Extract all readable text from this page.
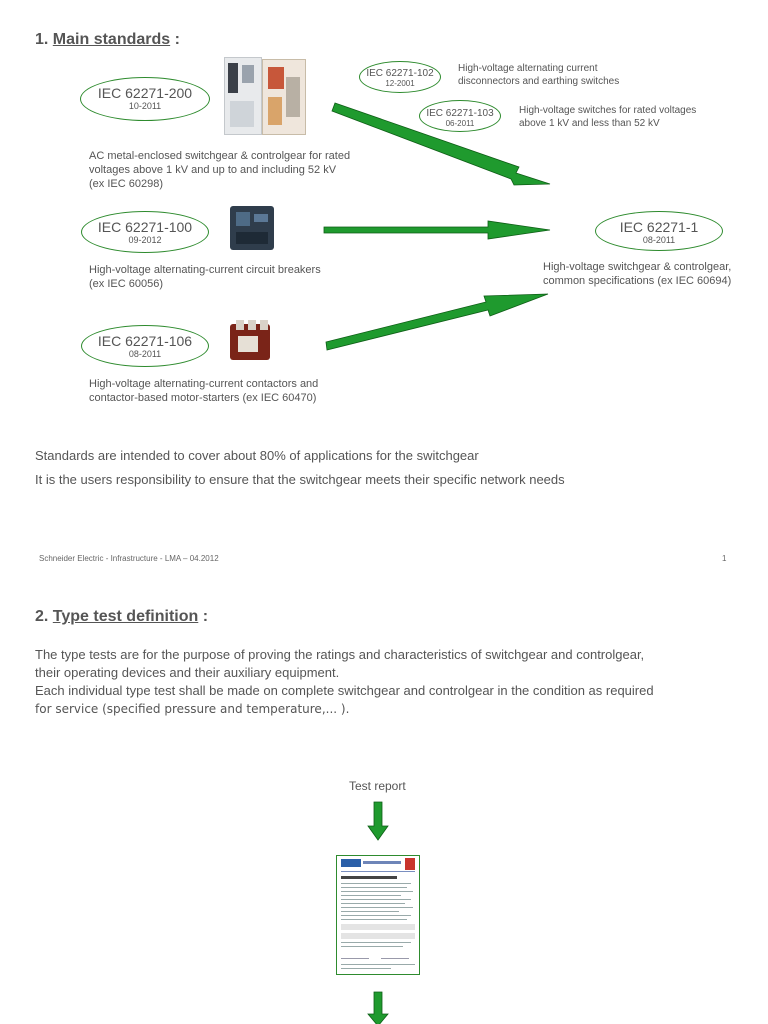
1. Main standards :
IEC 62271-200
10-2011
AC metal-enclosed switchgear & controlgear for rated
voltages above 1 kV and up to and including 52 kV
(ex IEC 60298)
IEC 62271-102
12-2001
High-voltage alternating current
disconnectors and earthing switches
IEC 62271-103
06-2011
High-voltage switches for rated voltages
above 1 kV and less than 52 kV
IEC 62271-100
09-2012
High-voltage alternating-current circuit breakers
(ex IEC 60056)
IEC 62271-1
08-2011
High-voltage switchgear & controlgear,
common specifications (ex IEC 60694)
IEC 62271-106
08-2011
High-voltage alternating-current contactors and
contactor-based motor-starters (ex IEC 60470)
Standards are intended to cover about 80% of applications for the switchgear
It is the users responsibility to ensure that the switchgear meets their specific network needs
Schneider Electric - Infrastructure - LMA – 04.2012	1
2. Type test definition :
The type tests are for the purpose of proving the ratings and characteristics of switchgear and controlgear,
their operating devices and their auxiliary equipment.
Each individual type test shall be made on complete switchgear and controlgear in the condition as required
for service (specified pressure and temperature,... ).
Test report
